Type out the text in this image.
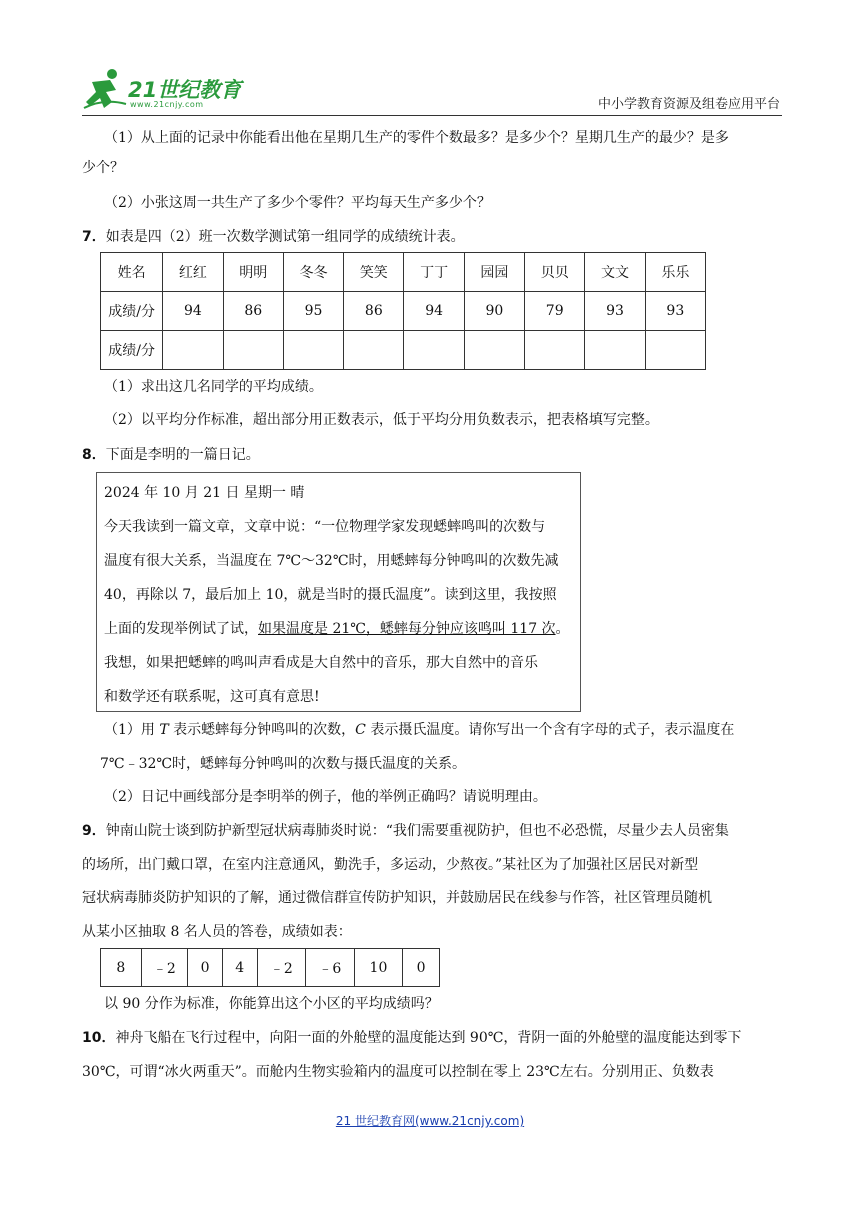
21世纪教育
www.21cnjy.com	中小学教育资源及组卷应用平台
（1）从上面的记录中你能看出他在星期几生产的零件个数最多？是多少个？星期几生产的最少？是多
少个？
（2）小张这周一共生产了多少个零件？平均每天生产多少个？
7．如表是四（2）班一次数学测试第一组同学的成绩统计表。
姓名	红红	明明	冬冬	笑笑	丁丁	园园	贝贝	文文	乐乐
成绩/分	94	86	95	86	94	90	79	93	93
成绩/分									
（1）求出这几名同学的平均成绩。
（2）以平均分作标准，超出部分用正数表示，低于平均分用负数表示，把表格填写完整。
8．下面是李明的一篇日记。
2024 年 10 月 21 日 星期一 晴
今天我读到一篇文章，文章中说：“一位物理学家发现蟋蟀鸣叫的次数与
温度有很大关系，当温度在 7℃～32℃时，用蟋蟀每分钟鸣叫的次数先减
40，再除以 7，最后加上 10，就是当时的摄氏温度”。读到这里，我按照
上面的发现举例试了试，如果温度是 21℃，蟋蟀每分钟应该鸣叫 117 次。
我想，如果把蟋蟀的鸣叫声看成是大自然中的音乐，那大自然中的音乐
和数学还有联系呢，这可真有意思!
（1）用 T 表示蟋蟀每分钟鸣叫的次数，C 表示摄氏温度。请你写出一个含有字母的式子，表示温度在
7℃﹣32℃时，蟋蟀每分钟鸣叫的次数与摄氏温度的关系。
（2）日记中画线部分是李明举的例子，他的举例正确吗？请说明理由。
9．钟南山院士谈到防护新型冠状病毒肺炎时说：“我们需要重视防护，但也不必恐慌，尽量少去人员密集
的场所，出门戴口罩，在室内注意通风，勤洗手，多运动，少熬夜。”某社区为了加强社区居民对新型
冠状病毒肺炎防护知识的了解，通过微信群宣传防护知识，并鼓励居民在线参与作答，社区管理员随机
从某小区抽取 8 名人员的答卷，成绩如表：
8	﹣2	0	4	﹣2	﹣6	10	0
以 90 分作为标准，你能算出这个小区的平均成绩吗？
10．神舟飞船在飞行过程中，向阳一面的外舱壁的温度能达到 90℃，背阴一面的外舱壁的温度能达到零下
30℃，可谓“冰火两重天”。而舱内生物实验箱内的温度可以控制在零上 23℃左右。分别用正、负数表
21 世纪教育网(www.21cnjy.com)
